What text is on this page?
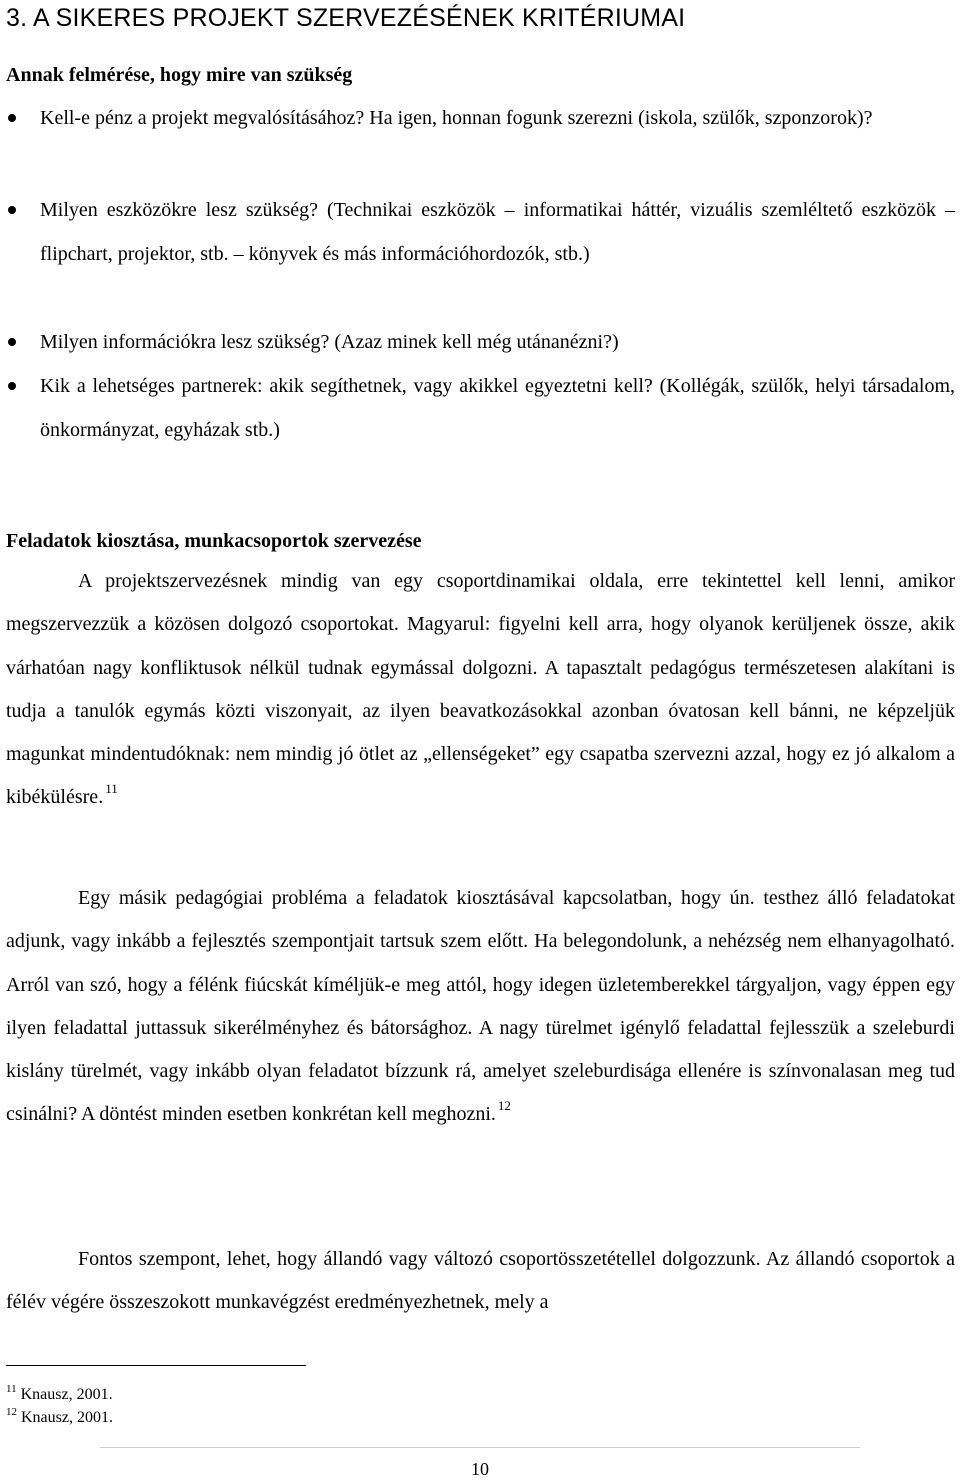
3. A SIKERES PROJEKT SZERVEZÉSÉNEK KRITÉRIUMAI
Annak felmérése, hogy mire van szükség

Kell-e pénz a projekt megvalósításához? Ha igen, honnan fogunk szerezni (iskola, szülők, szponzorok)?

Milyen eszközökre lesz szükség? (Technikai eszközök – informatikai háttér, vizuális szemléltető eszközök – flipchart, projektor, stb. – könyvek és más információhordozók, stb.)

Milyen információkra lesz szükség? (Azaz minek kell még utánanézni?)

Kik a lehetséges partnerek: akik segíthetnek, vagy akikkel egyeztetni kell? (Kollégák, szülők, helyi társadalom, önkormányzat, egyházak stb.)

Feladatok kiosztása, munkacsoportok szervezése

A projektszervezésnek mindig van egy csoportdinamikai oldala, erre tekintettel kell lenni, amikor megszervezzük a közösen dolgozó csoportokat. Magyarul: figyelni kell arra, hogy olyanok kerüljenek össze, akik várhatóan nagy konfliktusok nélkül tudnak egymással dolgozni. A tapasztalt pedagógus természetesen alakítani is tudja a tanulók egymás közti viszonyait, az ilyen beavatkozásokkal azonban óvatosan kell bánni, ne képzeljük magunkat mindentudóknak: nem mindig jó ötlet az „ellenségeket” egy csapatba szervezni azzal, hogy ez jó alkalom a kibékülésre. $^{11}$

Egy másik pedagógiai probléma a feladatok kiosztásával kapcsolatban, hogy ún. testhez álló feladatokat adjunk, vagy inkább a fejlesztés szempontjait tartsuk szem előtt. Ha belegondolunk, a nehézség nem elhanyagolható. Arról van szó, hogy a félénk fiúcskát kíméljük-e meg attól, hogy idegen üzletemberekkel tárgyaljon, vagy éppen egy ilyen feladattal juttassuk sikerélményhez és bátorsághoz. A nagy türelmet igénylő feladattal fejlesszük a szeleburdi kislány türelmét, vagy inkább olyan feladatot bízzunk rá, amelyet szeleburdisága ellenére is színvonalasan meg tud csinálni? A döntést minden esetben konkrétan kell meghozni. $^{12}$

Fontos szempont, lehet, hogy állandó vagy változó csoportösszetétellel dolgozzunk. Az állandó csoportok a félév végére összeszokott munkavégzést eredményezhetnek, mely a

$^{11}$ Knausz, 2001.

$^{12}$ Knausz, 2001.

10
